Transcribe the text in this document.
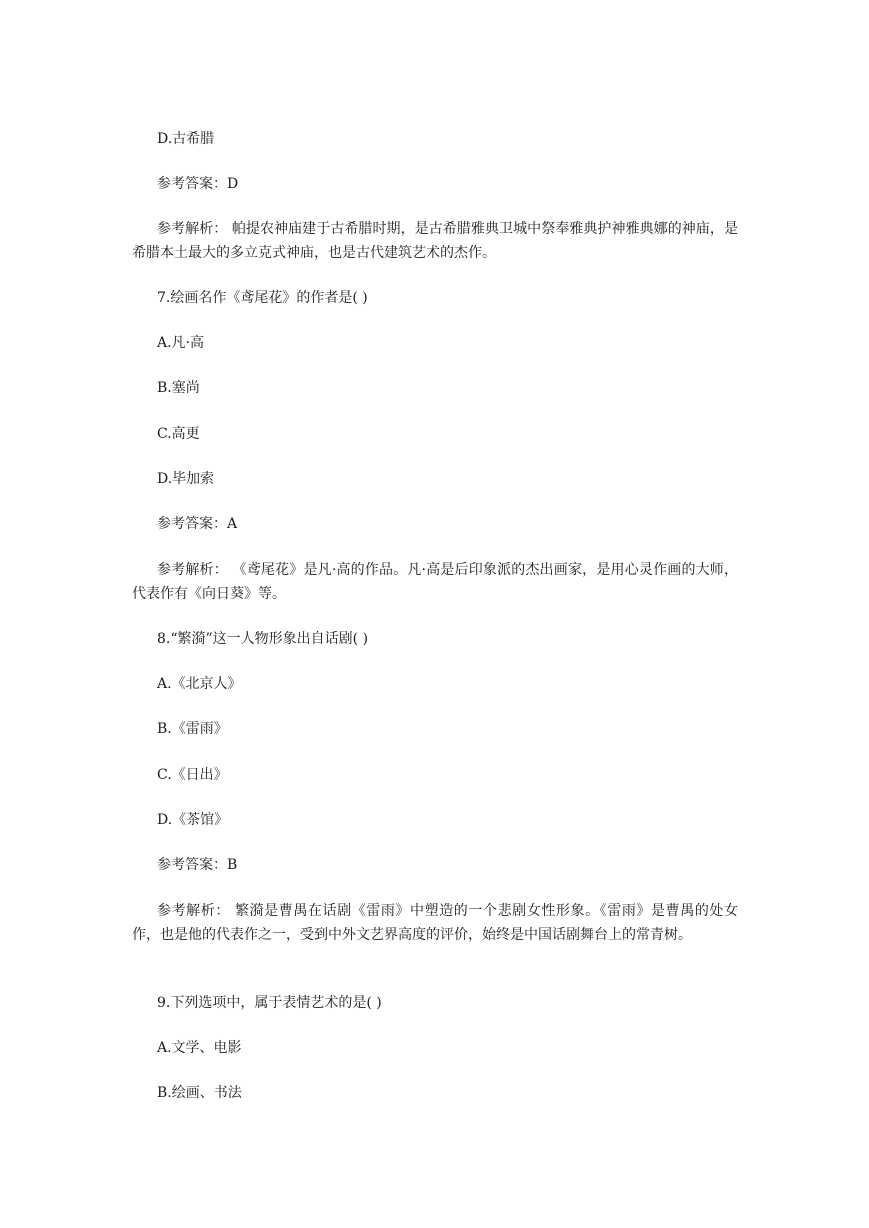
D.古希腊
参考答案：D
参考解析： 帕提农神庙建于古希腊时期，是古希腊雅典卫城中祭奉雅典护神雅典娜的神庙，是希腊本土最大的多立克式神庙，也是古代建筑艺术的杰作。
7.绘画名作《鸢尾花》的作者是( )
A.凡·高
B.塞尚
C.高更
D.毕加索
参考答案：A
参考解析： 《鸢尾花》是凡·高的作品。凡·高是后印象派的杰出画家，是用心灵作画的大师，代表作有《向日葵》等。
8.“繁漪”这一人物形象出自话剧( )
A.《北京人》
B.《雷雨》
C.《日出》
D.《茶馆》
参考答案：B
参考解析： 繁漪是曹禺在话剧《雷雨》中塑造的一个悲剧女性形象。《雷雨》是曹禺的处女作，也是他的代表作之一，受到中外文艺界高度的评价，始终是中国话剧舞台上的常青树。
9.下列选项中，属于表情艺术的是( )
A.文学、电影
B.绘画、书法
